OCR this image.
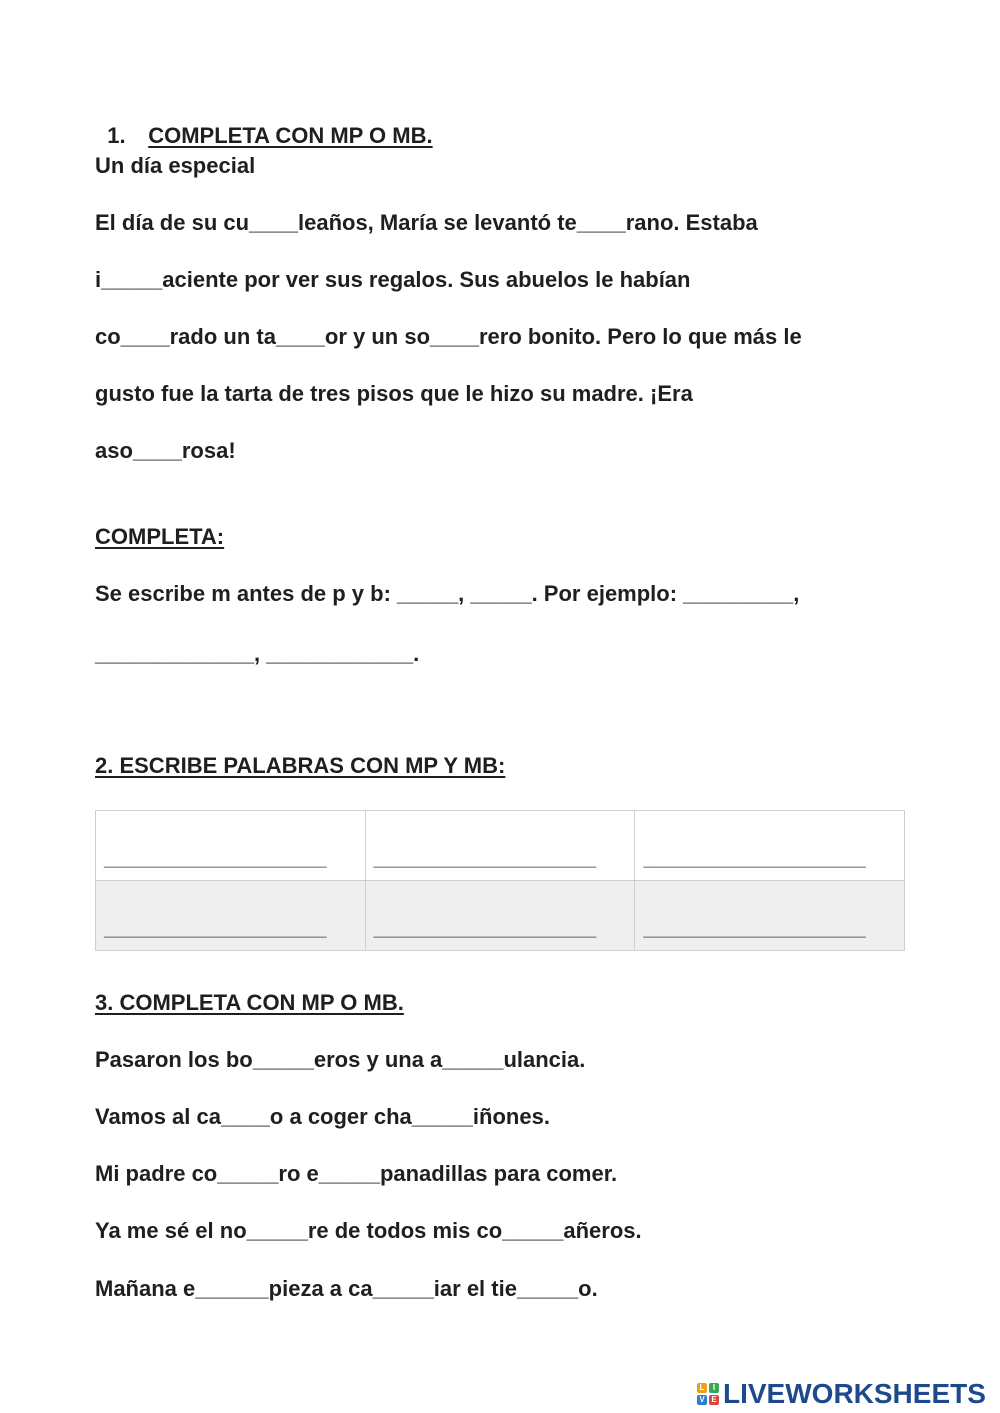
1. COMPLETA CON MP O MB.

Un día especial
El día de su cu____leaños, María se levantó te____rano. Estaba
i_____aciente por ver sus regalos. Sus abuelos le habían
co____rado un ta____or y un so____rero bonito. Pero lo que más le
gusto fue la tarta de tres pisos que le hizo su madre. ¡Era
aso____rosa!
COMPLETA:
Se escribe m antes de p y b: _____, _____. Por ejemplo: _________,
_____________, ____________.
2. ESCRIBE PALABRAS CON MP Y MB:
____________________	____________________	____________________
____________________	____________________	____________________
3. COMPLETA CON MP O MB.
Pasaron los bo_____eros y una a_____ulancia.
Vamos al ca____o a coger cha_____iñones.
Mi padre co_____ro e_____panadillas para comer.
Ya me sé el no_____re de todos mis co_____añeros.
Mañana e______pieza a ca_____iar el tie_____o.
L	I
V E LIVEWORKSHEETS
